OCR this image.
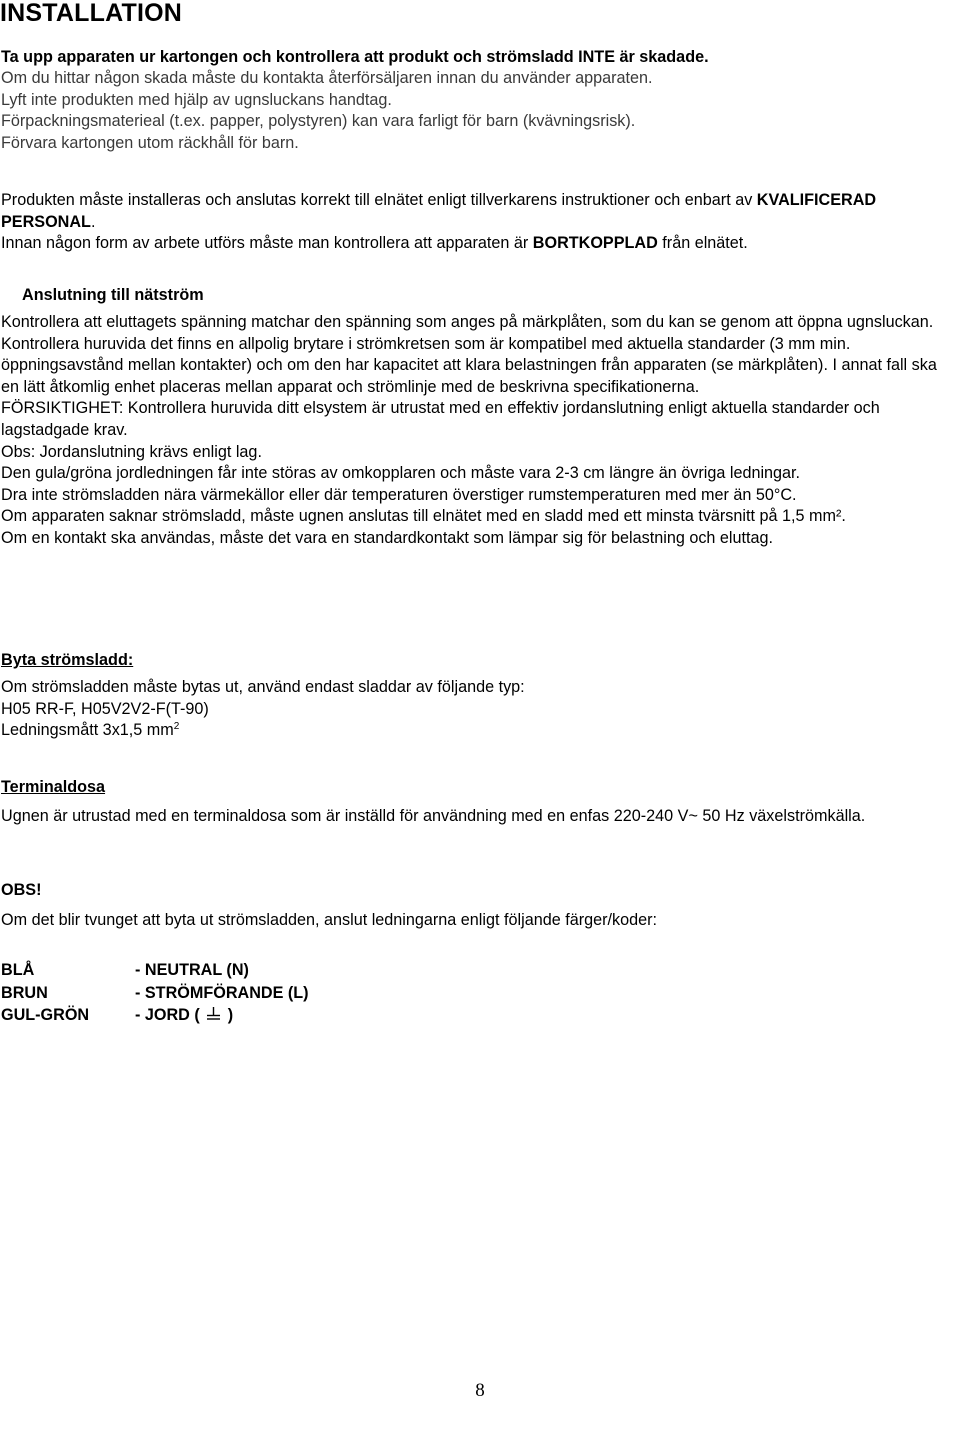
INSTALLATION

Ta upp apparaten ur kartongen och kontrollera att produkt och strömsladd INTE är skadade.

Om du hittar någon skada måste du kontakta återförsäljaren innan du använder apparaten.

Lyft inte produkten med hjälp av ugnsluckans handtag.

Förpackningsmaterieal (t.ex. papper, polystyren) kan vara farligt för barn (kvävningsrisk).

Förvara kartongen utom räckhåll för barn.

Produkten måste installeras och anslutas korrekt till elnätet enligt tillverkarens instruktioner och enbart av KVALIFICERAD PERSONAL.

Innan någon form av arbete utförs måste man kontrollera att apparaten är BORTKOPPLAD från elnätet.

Anslutning till nätström

Kontrollera att eluttagets spänning matchar den spänning som anges på märkplåten, som du kan se genom att öppna ugnsluckan.

Kontrollera huruvida det finns en allpolig brytare i strömkretsen som är kompatibel med aktuella standarder (3 mm min. öppningsavstånd mellan kontakter) och om den har kapacitet att klara belastningen från apparaten (se märkplåten). I annat fall ska en lätt åtkomlig enhet placeras mellan apparat och strömlinje med de beskrivna specifikationerna.

FÖRSIKTIGHET: Kontrollera huruvida ditt elsystem är utrustat med en effektiv jordanslutning enligt aktuella standarder och lagstadgade krav.

Obs: Jordanslutning krävs enligt lag.

Den gula/gröna jordledningen får inte störas av omkopplaren och måste vara 2-3 cm längre än övriga ledningar.

Dra inte strömsladden nära värmekällor eller där temperaturen överstiger rumstemperaturen med mer än 50°C.

Om apparaten saknar strömsladd, måste ugnen anslutas till elnätet med en sladd med ett minsta tvärsnitt på 1,5 mm².

Om en kontakt ska användas, måste det vara en standardkontakt som lämpar sig för belastning och eluttag.

Byta strömsladd:

Om strömsladden måste bytas ut, använd endast sladdar av följande typ:

H05 RR-F, H05V2V2-F(T-90)

Ledningsmått 3x1,5 $mm^2$

Terminaldosa
Ugnen är utrustad med en terminaldosa som är inställd för användning med en enfas 220-240 V~ 50 Hz växelströmkälla.
OBS!
Om det blir tvunget att byta ut strömsladden, anslut ledningarna enligt följande färger/koder:
BLÅ	- NEUTRAL (N)
BRUN	- STRÖMFÖRANDE (L)
GUL-GRÖN	- JORD ( )
8
